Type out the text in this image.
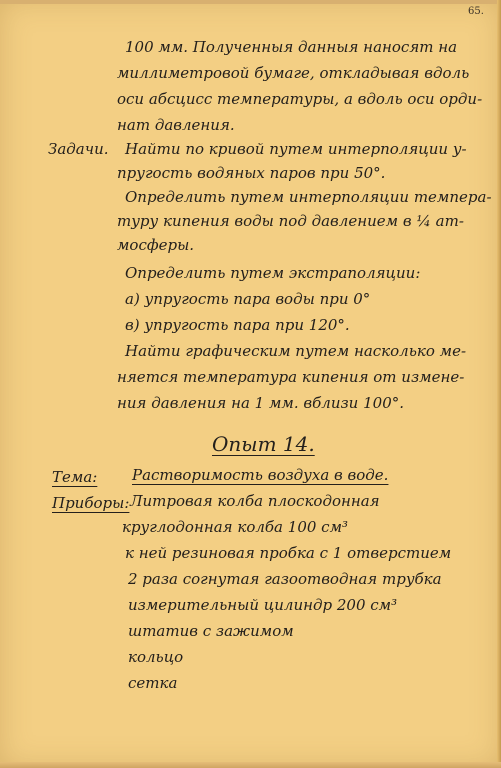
65.
100 мм. Полученныя данныя наносят на
миллиметровой бумаге, откладывая вдоль
оси абсцисс температуры, а вдоль оси орди-
нат давления.
Задачи. Найти по кривой путем интерполяции у-
пругость водяных паров при 50°.
Определить путем интерполяции темпера-
туру кипения воды под давлением в ¼ ат-
мосферы.
Определить путем экстраполяции:
а) упругость пара воды при 0°
в) упругость пара при 120°.
Найти графическим путем насколько ме-
няется температура кипения от измене-
ния давления на 1 мм. вблизи 100°.
Опыт 14.
Тема: Растворимость воздуха в воде.
Приборы: Литровая колба плоскодонная
круглодонная колба 100 см³
к ней резиновая пробка с 1 отверстием
2 раза согнутая газоотводная трубка
измерительный цилиндр 200 см³
штатив с зажимом
кольцо
сетка
